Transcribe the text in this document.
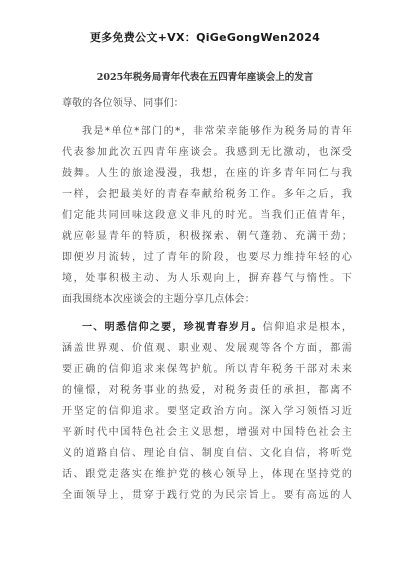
更多免费公文+VX：QiGeGongWen2024
2025年税务局青年代表在五四青年座谈会上的发言
尊敬的各位领导、同事们：
我是*单位*部门的*，非常荣幸能够作为税务局的青年
代表参加此次五四青年座谈会。我感到无比激动，也深受
鼓舞。人生的旅途漫漫，我想，在座的许多青年同仁与我
一样，会把最美好的青春奉献给税务工作。多年之后，我
们定能共同回味这段意义非凡的时光。当我们正值青年，
就应彰显青年的特质，积极探索、朝气蓬勃、充满干劲；
即便岁月流转，过了青年的阶段，也要尽力维持年轻的心
境，处事积极主动、为人乐观向上，摒弃暮气与惰性。下
面我围绕本次座谈会的主题分享几点体会：
一、明悉信仰之要，珍视青春岁月。信仰追求是根本，
涵盖世界观、价值观、职业观、发展观等各个方面，都需
要正确的信仰追求来保驾护航。所以青年税务干部对未来
的憧憬，对税务事业的热爱，对税务责任的承担，都离不
开坚定的信仰追求。要坚定政治方向。深入学习领悟习近
平新时代中国特色社会主义思想，增强对中国特色社会主
义的道路自信、理论自信、制度自信、文化自信，将听党
话、跟党走落实在维护党的核心领导上，体现在坚持党的
全面领导上，贯穿于践行党的为民宗旨上。要有高远的人
